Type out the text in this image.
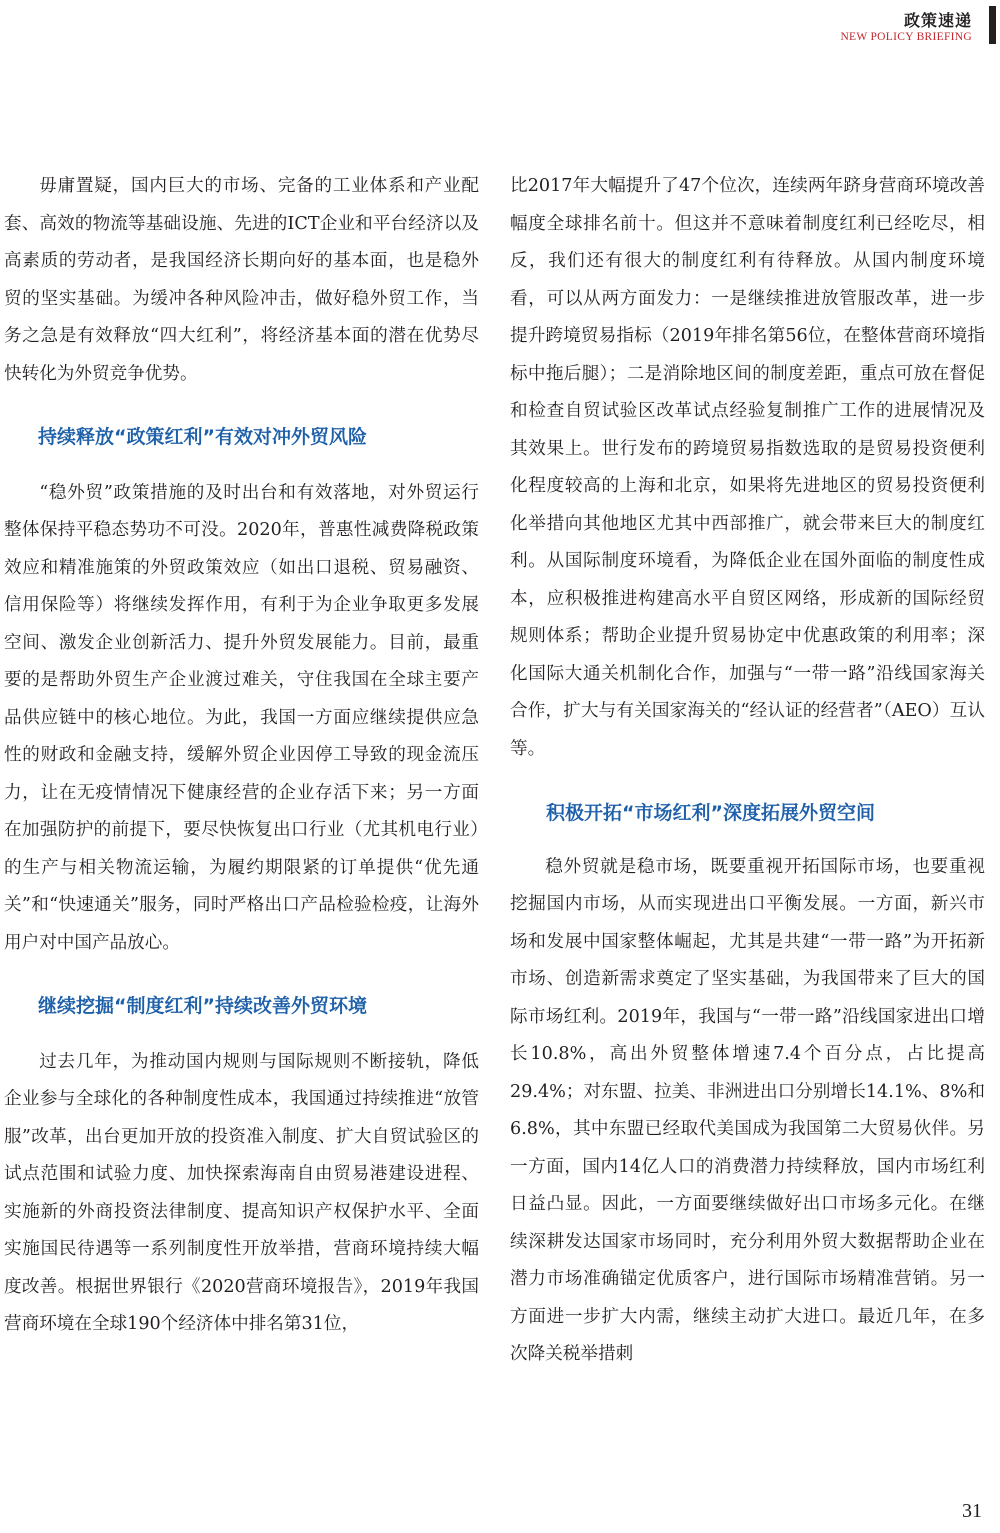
政策速递
NEW POLICY BRIEFING

毋庸置疑，国内巨大的市场、完备的工业体系和产业配套、高效的物流等基础设施、先进的ICT企业和平台经济以及高素质的劳动者，是我国经济长期向好的基本面，也是稳外贸的坚实基础。为缓冲各种风险冲击，做好稳外贸工作，当务之急是有效释放“四大红利”，将经济基本面的潜在优势尽快转化为外贸竞争优势。

持续释放“政策红利”有效对冲外贸风险

“稳外贸”政策措施的及时出台和有效落地，对外贸运行整体保持平稳态势功不可没。2020年，普惠性减费降税政策效应和精准施策的外贸政策效应（如出口退税、贸易融资、信用保险等）将继续发挥作用，有利于为企业争取更多发展空间、激发企业创新活力、提升外贸发展能力。目前，最重要的是帮助外贸生产企业渡过难关，守住我国在全球主要产品供应链中的核心地位。为此，我国一方面应继续提供应急性的财政和金融支持，缓解外贸企业因停工导致的现金流压力，让在无疫情情况下健康经营的企业存活下来；另一方面在加强防护的前提下，要尽快恢复出口行业（尤其机电行业）的生产与相关物流运输，为履约期限紧的订单提供“优先通关”和“快速通关”服务，同时严格出口产品检验检疫，让海外用户对中国产品放心。

继续挖掘“制度红利”持续改善外贸环境

过去几年，为推动国内规则与国际规则不断接轨，降低企业参与全球化的各种制度性成本，我国通过持续推进“放管服”改革，出台更加开放的投资准入制度、扩大自贸试验区的试点范围和试验力度、加快探索海南自由贸易港建设进程、实施新的外商投资法律制度、提高知识产权保护水平、全面实施国民待遇等一系列制度性开放举措，营商环境持续大幅度改善。根据世界银行《2020营商环境报告》，2019年我国营商环境在全球190个经济体中排名第31位，

比2017年大幅提升了47个位次，连续两年跻身营商环境改善幅度全球排名前十。但这并不意味着制度红利已经吃尽，相反，我们还有很大的制度红利有待释放。从国内制度环境看，可以从两方面发力：一是继续推进放管服改革，进一步提升跨境贸易指标（2019年排名第56位，在整体营商环境指标中拖后腿）；二是消除地区间的制度差距，重点可放在督促和检查自贸试验区改革试点经验复制推广工作的进展情况及其效果上。世行发布的跨境贸易指数选取的是贸易投资便利化程度较高的上海和北京，如果将先进地区的贸易投资便利化举措向其他地区尤其中西部推广，就会带来巨大的制度红利。从国际制度环境看，为降低企业在国外面临的制度性成本，应积极推进构建高水平自贸区网络，形成新的国际经贸规则体系；帮助企业提升贸易协定中优惠政策的利用率；深化国际大通关机制化合作，加强与“一带一路”沿线国家海关合作，扩大与有关国家海关的“经认证的经营者”（AEO）互认等。

积极开拓“市场红利”深度拓展外贸空间

稳外贸就是稳市场，既要重视开拓国际市场，也要重视挖掘国内市场，从而实现进出口平衡发展。一方面，新兴市场和发展中国家整体崛起，尤其是共建“一带一路”为开拓新市场、创造新需求奠定了坚实基础，为我国带来了巨大的国际市场红利。2019年，我国与“一带一路”沿线国家进出口增长10.8%，高出外贸整体增速7.4个百分点，占比提高29.4%；对东盟、拉美、非洲进出口分别增长14.1%、8%和6.8%，其中东盟已经取代美国成为我国第二大贸易伙伴。另一方面，国内14亿人口的消费潜力持续释放，国内市场红利日益凸显。因此，一方面要继续做好出口市场多元化。在继续深耕发达国家市场同时，充分利用外贸大数据帮助企业在潜力市场准确锚定优质客户，进行国际市场精准营销。另一方面进一步扩大内需，继续主动扩大进口。最近几年，在多次降关税举措刺

31
